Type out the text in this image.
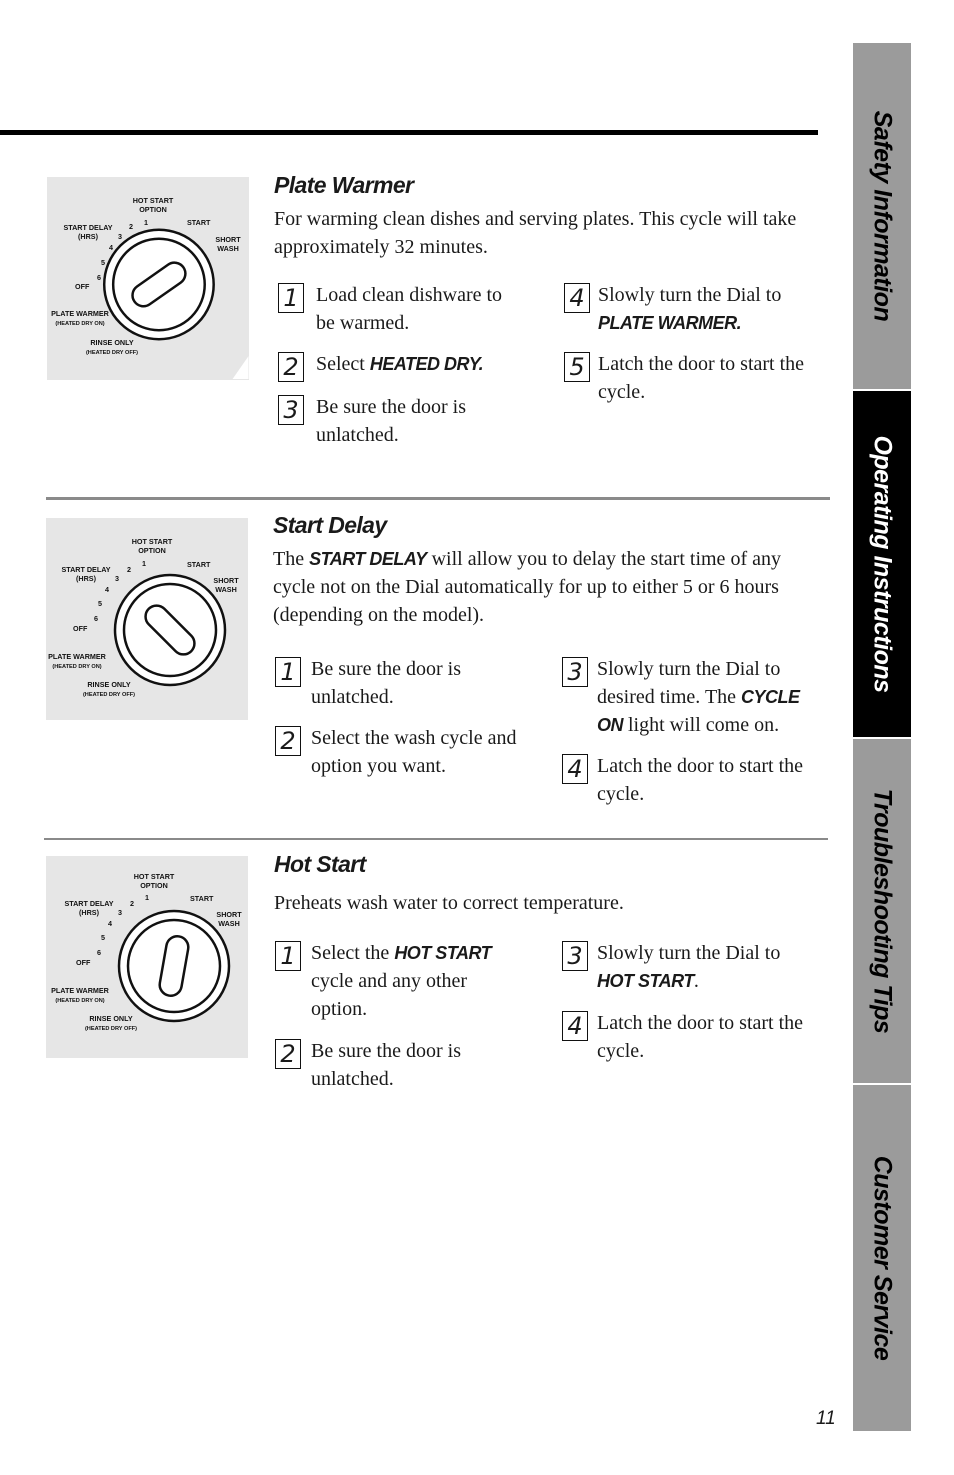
HOT START
OPTION
START
SHORT
WASH
START DELAY
(HRS)
OFF
PLATE WARMER
(HEATED DRY ON)
RINSE ONLY
(HEATED DRY OFF)
1
2
3
4
5
6
HOT START
OPTION
START
SHORT
WASH
START DELAY
(HRS)
OFF
PLATE WARMER
(HEATED DRY ON)
RINSE ONLY
(HEATED DRY OFF)
1
2
3
4
5
6
HOT START
OPTION
START
SHORT
WASH
START DELAY
(HRS)
OFF
PLATE WARMER
(HEATED DRY ON)
RINSE ONLY
(HEATED DRY OFF)
1
2
3
4
5
6
Plate Warmer

For warming clean dishes and serving plates. This cycle will take approximately 32 minutes.

1 Load clean dishware to be warmed.
2 Select HEATED DRY.
3 Be sure the door is unlatched.
4 Slowly turn the Dial to PLATE WARMER.
5 Latch the door to start the cycle.
Start Delay

The START DELAY will allow you to delay the start time of any cycle not on the Dial automatically for up to either 5 or 6 hours (depending on the model).

1 Be sure the door is unlatched.
2 Select the wash cycle and option you want.
3 Slowly turn the Dial to desired time. The CYCLE ON light will come on.
4 Latch the door to start the cycle.
Hot Start

Preheats wash water to correct temperature.

1 Select the HOT START cycle and any other option.
2 Be sure the door is unlatched.
3 Slowly turn the Dial to HOT START.
4 Latch the door to start the cycle.
Safety Information
Operating Instructions
Troubleshooting Tips
Customer Service
11
